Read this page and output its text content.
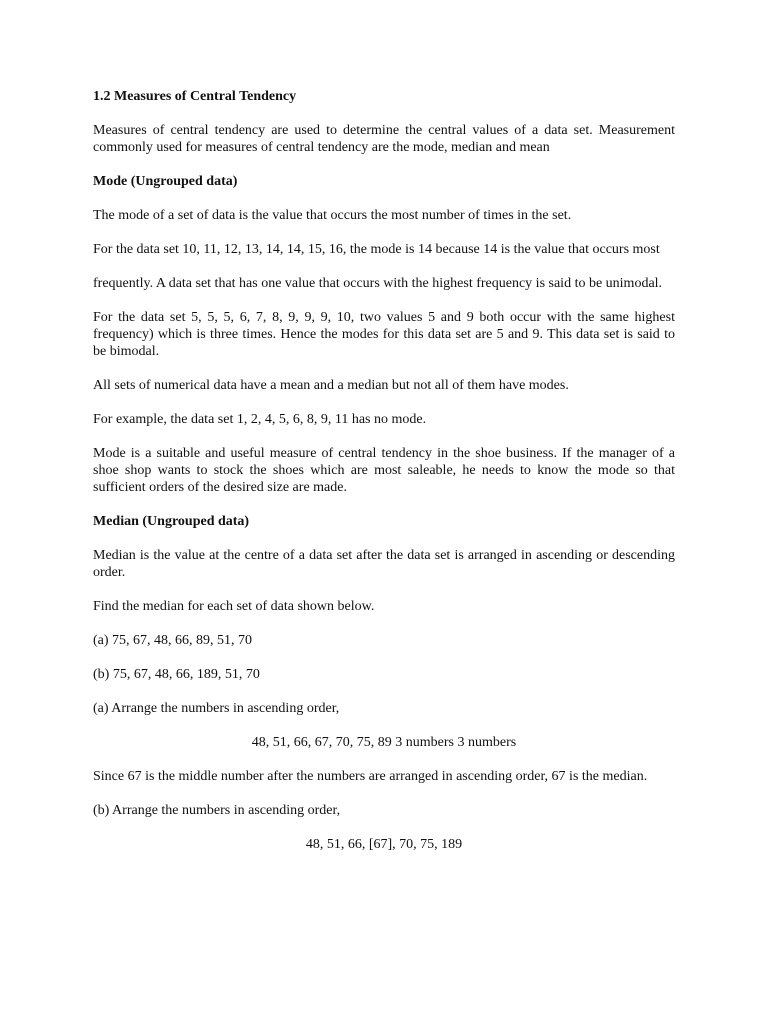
1.2 Measures of Central Tendency

Measures of central tendency are used to determine the central values of a data set. Measurement commonly used for measures of central tendency are the mode, median and mean

Mode (Ungrouped data)

The mode of a set of data is the value that occurs the most number of times in the set.

For the data set 10, 11, 12, 13, 14, 14, 15, 16, the mode is 14 because 14 is the value that occurs most

frequently. A data set that has one value that occurs with the highest frequency is said to be unimodal.

For the data set 5, 5, 5, 6, 7, 8, 9, 9, 9, 10, two values 5 and 9 both occur with the same highest frequency) which is three times. Hence the modes for this data set are 5 and 9. This data set is said to be bimodal.

All sets of numerical data have a mean and a median but not all of them have modes.

For example, the data set 1, 2, 4, 5, 6, 8, 9, 11 has no mode.

Mode is a suitable and useful measure of central tendency in the shoe business. If the manager of a shoe shop wants to stock the shoes which are most saleable, he needs to know the mode so that sufficient orders of the desired size are made.

Median (Ungrouped data)

Median is the value at the centre of a data set after the data set is arranged in ascending or descending order.

Find the median for each set of data shown below.

(a) 75, 67, 48, 66, 89, 51, 70

(b) 75, 67, 48, 66, 189, 51, 70

(a) Arrange the numbers in ascending order,

48, 51, 66, 67, 70, 75, 89 3 numbers 3 numbers

Since 67 is the middle number after the numbers are arranged in ascending order, 67 is the median.

(b) Arrange the numbers in ascending order,

48, 51, 66, [67], 70, 75, 189
